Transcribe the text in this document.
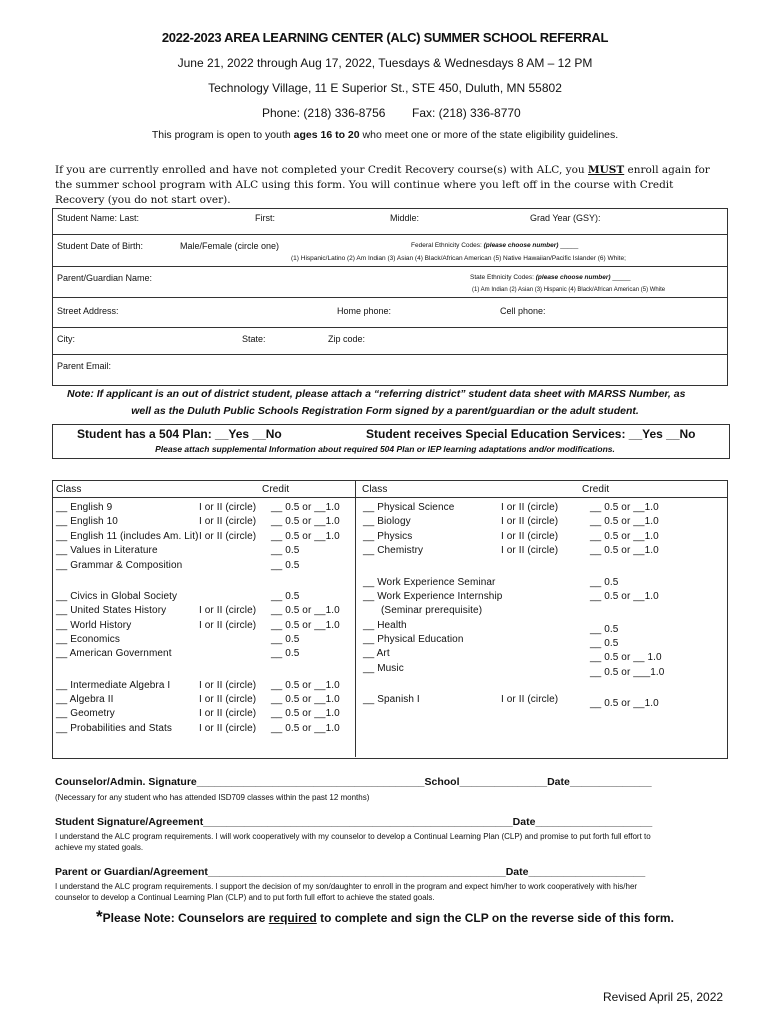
2022-2023 AREA LEARNING CENTER (ALC) SUMMER SCHOOL REFERRAL
June 21, 2022 through Aug 17, 2022, Tuesdays & Wednesdays 8 AM – 12 PM
Technology Village, 11 E Superior St., STE 450, Duluth, MN 55802
Phone: (218) 336-8756 Fax: (218) 336-8770
This program is open to youth ages 16 to 20 who meet one or more of the state eligibility guidelines.
If you are currently enrolled and have not completed your Credit Recovery course(s) with ALC, you MUST enroll again for
the summer school program with ALC using this form. You will continue where you left off in the course with Credit
Recovery (you do not start over).
Student Name: Last:	First:	Middle:	Grad Year (GSY):
Student Date of Birth:	Male/Female (circle one)	Federal Ethnicity Codes: (please choose number) _____
(1) Hispanic/Latino (2) Am Indian (3) Asian (4) Black/African American (5) Native Hawaiian/Pacific Islander (6) White;
Parent/Guardian Name:	State Ethnicity Codes: (please choose number) _____
(1) Am Indian (2) Asian (3) Hispanic (4) Black/African American (5) White
Street Address:	Home phone:	Cell phone:
City:	State:	Zip code:
Parent Email:
Note: If applicant is an out of district student, please attach a “referring district” student data sheet with MARSS Number, as
well as the Duluth Public Schools Registration Form signed by a parent/guardian or the adult student.
Student has a 504 Plan: __Yes __No	Student receives Special Education Services: __Yes __No
Please attach supplemental Information about required 504 Plan or IEP learning adaptations and/or modifications.
Class	Credit	Class	Credit
__ English 9	I or II (circle) __ 0.5 or __1.0
__ English 10	I or II (circle) __ 0.5 or __1.0
__ English 11 (includes Am. Lit) I or II (circle) __ 0.5 or __1.0
__ Values in Literature	__ 0.5
__ Grammar & Composition	__ 0.5
__ Civics in Global Society	__ 0.5
__ United States History	I or II (circle) __ 0.5 or __1.0
__ World History	I or II (circle) __ 0.5 or __1.0
__ Economics	__ 0.5
__ American Government	__ 0.5
__ Intermediate Algebra I	I or II (circle) __ 0.5 or __1.0
__ Algebra II	I or II (circle) __ 0.5 or __1.0
__ Geometry	I or II (circle) __ 0.5 or __1.0
__ Probabilities and Stats	I or II (circle) __ 0.5 or __1.0
__ Physical Science	I or II (circle)	__ 0.5 or __1.0
__ Biology	I or II (circle)	__ 0.5 or __1.0
__ Physics	I or II (circle)	__ 0.5 or __1.0
__ Chemistry	I or II (circle)	__ 0.5 or __1.0
__ Work Experience Seminar	__ 0.5
__ Work Experience Internship	__ 0.5 or __1.0
(Seminar prerequisite)
__ Health	__ 0.5
__ Physical Education	__ 0.5
__ Art	__ 0.5 or __ 1.0
__ Music	__ 0.5 or ___1.0
__ Spanish I	I or II (circle)	__ 0.5 or __1.0
Counselor/Admin. Signature_______________________________________School_______________Date______________
(Necessary for any student who has attended ISD709 classes within the past 12 months)
Student Signature/Agreement_____________________________________________________Date____________________
I understand the ALC program requirements. I will work cooperatively with my counselor to develop a Continual Learning Plan (CLP) and promise to put forth full effort to
achieve my stated goals.
Parent or Guardian/Agreement___________________________________________________Date____________________
I understand the ALC program requirements. I support the decision of my son/daughter to enroll in the program and expect him/her to work cooperatively with his/her
counselor to develop a Continual Learning Plan (CLP) and to put forth full effort to achieve the stated goals.
*Please Note: Counselors are required to complete and sign the CLP on the reverse side of this form.
Revised April 25, 2022
